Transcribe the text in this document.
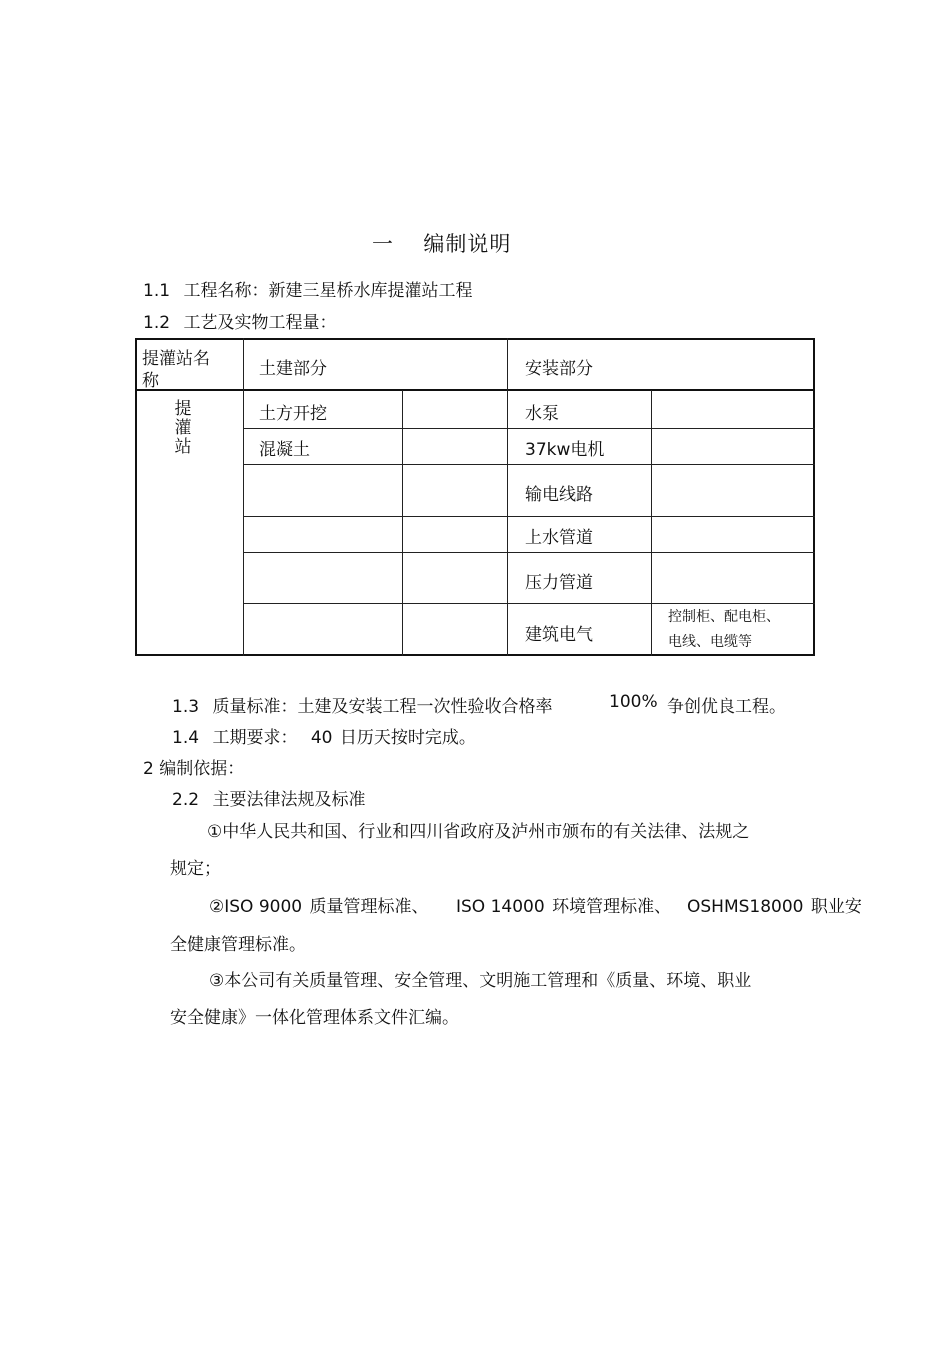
一 编制说明
1.1 工程名称：新建三星桥水库提灌站工程
1.2 工艺及实物工程量：
提灌站名
称
土建部分	安装部分
提
灌
站
土方开挖
混凝土
水泵
37kw电机
输电线路
上水管道
压力管道
建筑电气
控制柜、配电柜、
电线、电缆等
1.3 质量标准：土建及安装工程一次性验收合格率	100% 争创优良工程。
1.4 工期要求： 40 日历天按时完成。
2 编制依据：
2.2 主要法律法规及标准
①中华人民共和国、行业和四川省政府及泸州市颁布的有关法律、法规之
规定；
②ISO 9000 质量管理标准、 ISO 14000 环境管理标准、 OSHMS18000 职业安
全健康管理标准。
③本公司有关质量管理、安全管理、文明施工管理和《质量、环境、职业
安全健康》一体化管理体系文件汇编。
